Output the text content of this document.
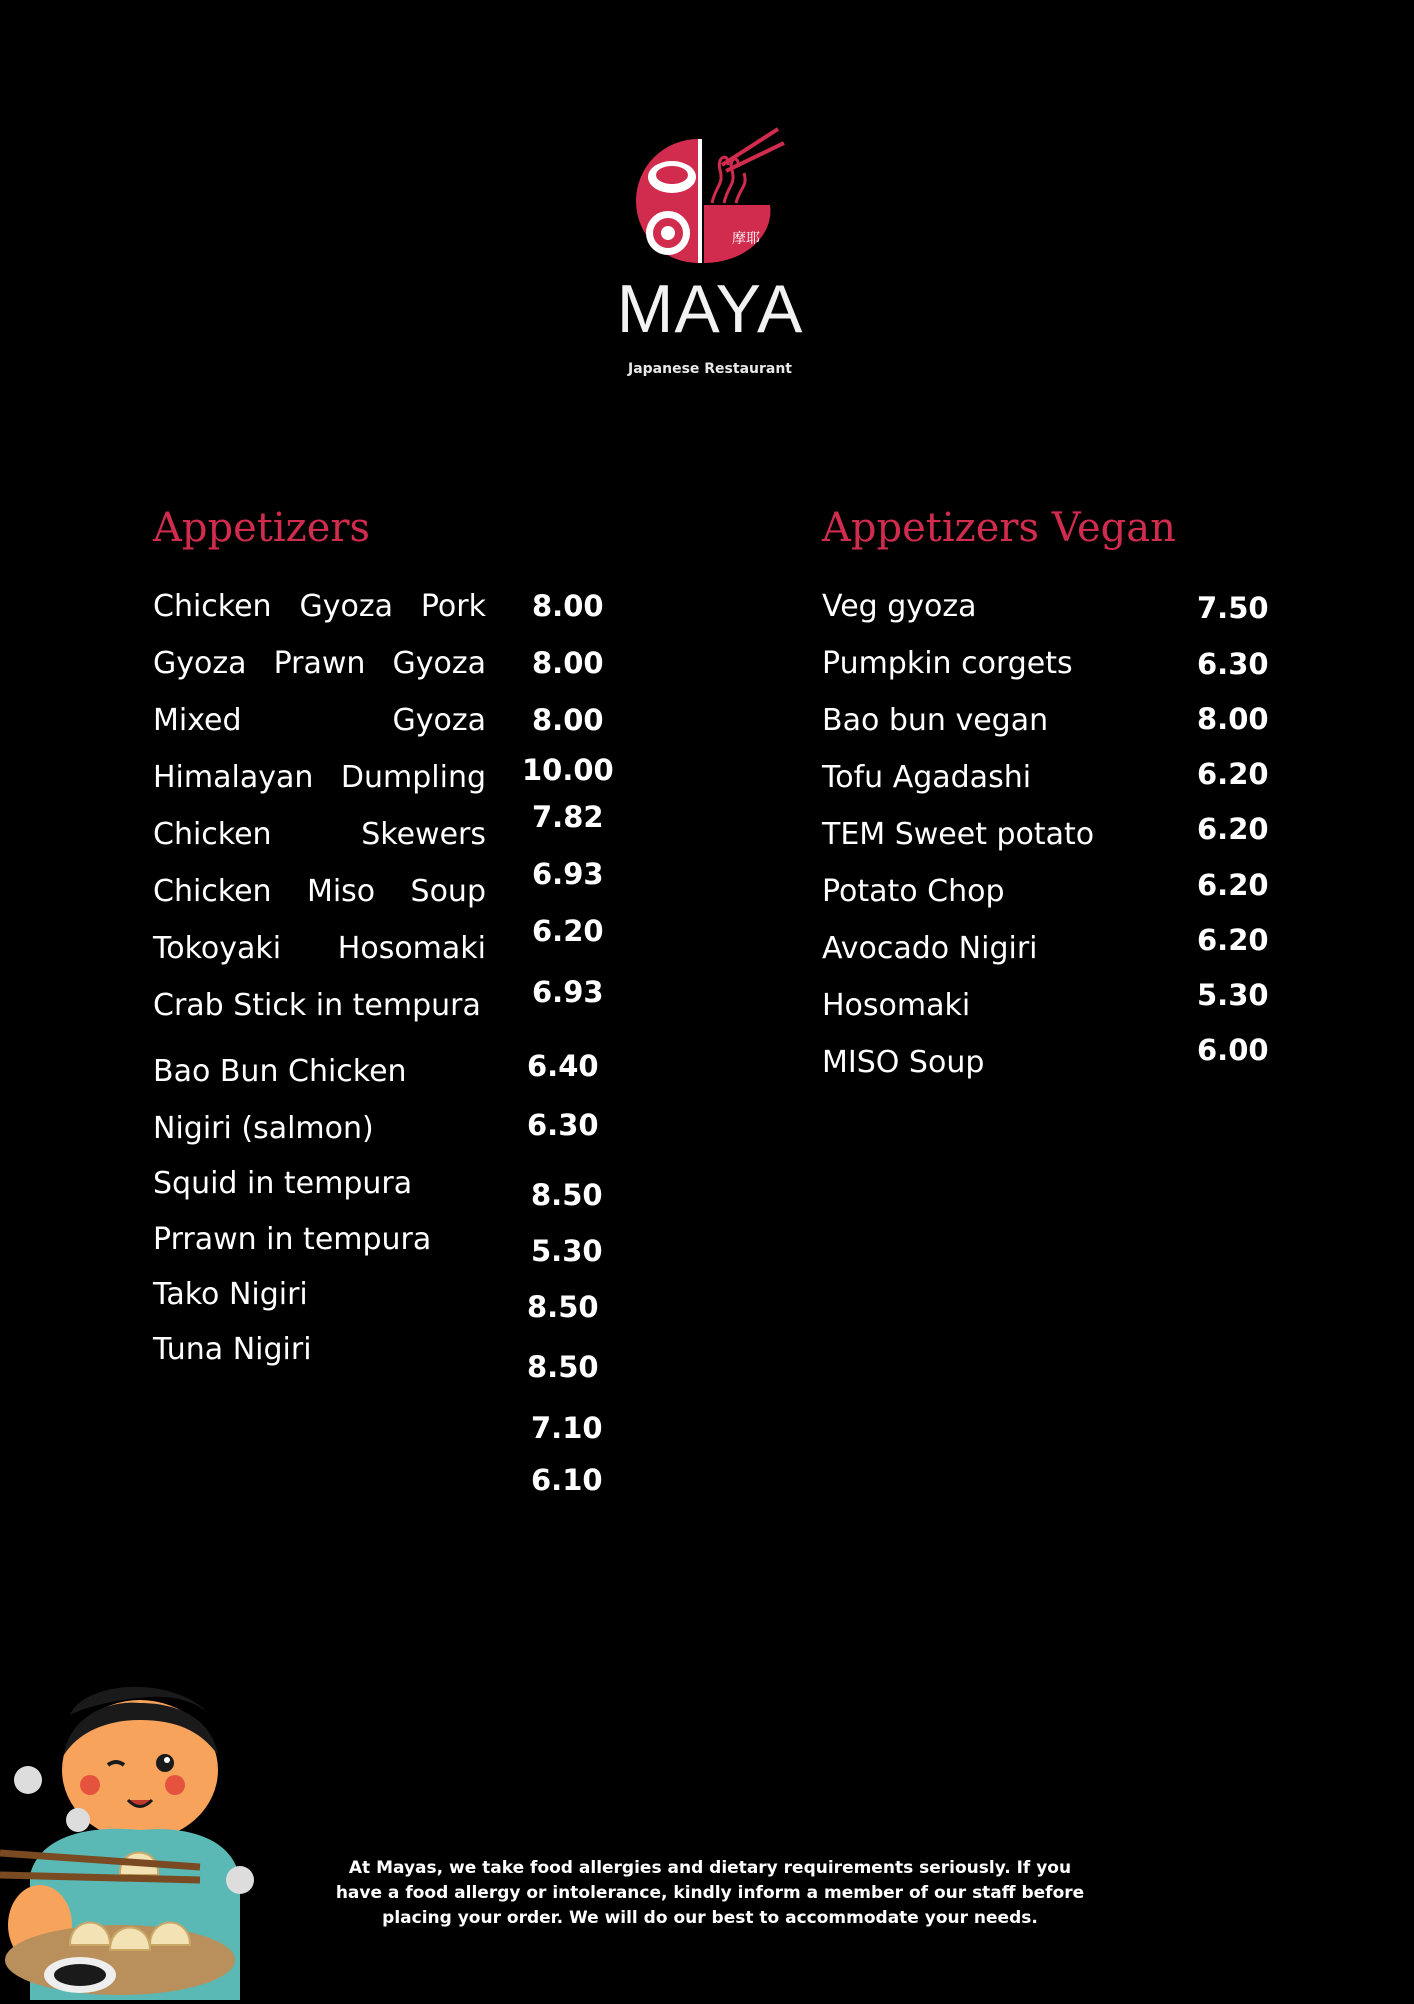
摩耶
MAYA
Japanese Restaurant
Appetizers
Chicken Gyoza Pork
Gyoza Prawn Gyoza
Mixed	Gyoza
Himalayan Dumpling
Chicken	Skewers
Chicken Miso Soup
Tokoyaki Hosomaki
Crab Stick in tempura
Bao Bun Chicken
Nigiri (salmon)
Squid in tempura
Prrawn in tempura
Tako Nigiri
Tuna Nigiri
8.00
8.00
8.00
10.00
7.82
6.93
6.20
6.93
6.40
6.30
8.50
5.30
8.50
8.50
7.10
6.10
Appetizers Vegan
Veg gyoza
Pumpkin corgets
Bao bun vegan
Tofu Agadashi
TEM Sweet potato
Potato Chop
Avocado Nigiri
Hosomaki
MISO Soup
7.50
6.30
8.00
6.20
6.20
6.20
6.20
5.30
6.00
At Mayas, we take food allergies and dietary requirements seriously. If you have a food allergy or intolerance, kindly inform a member of our staff before placing your order. We will do our best to accommodate your needs.
